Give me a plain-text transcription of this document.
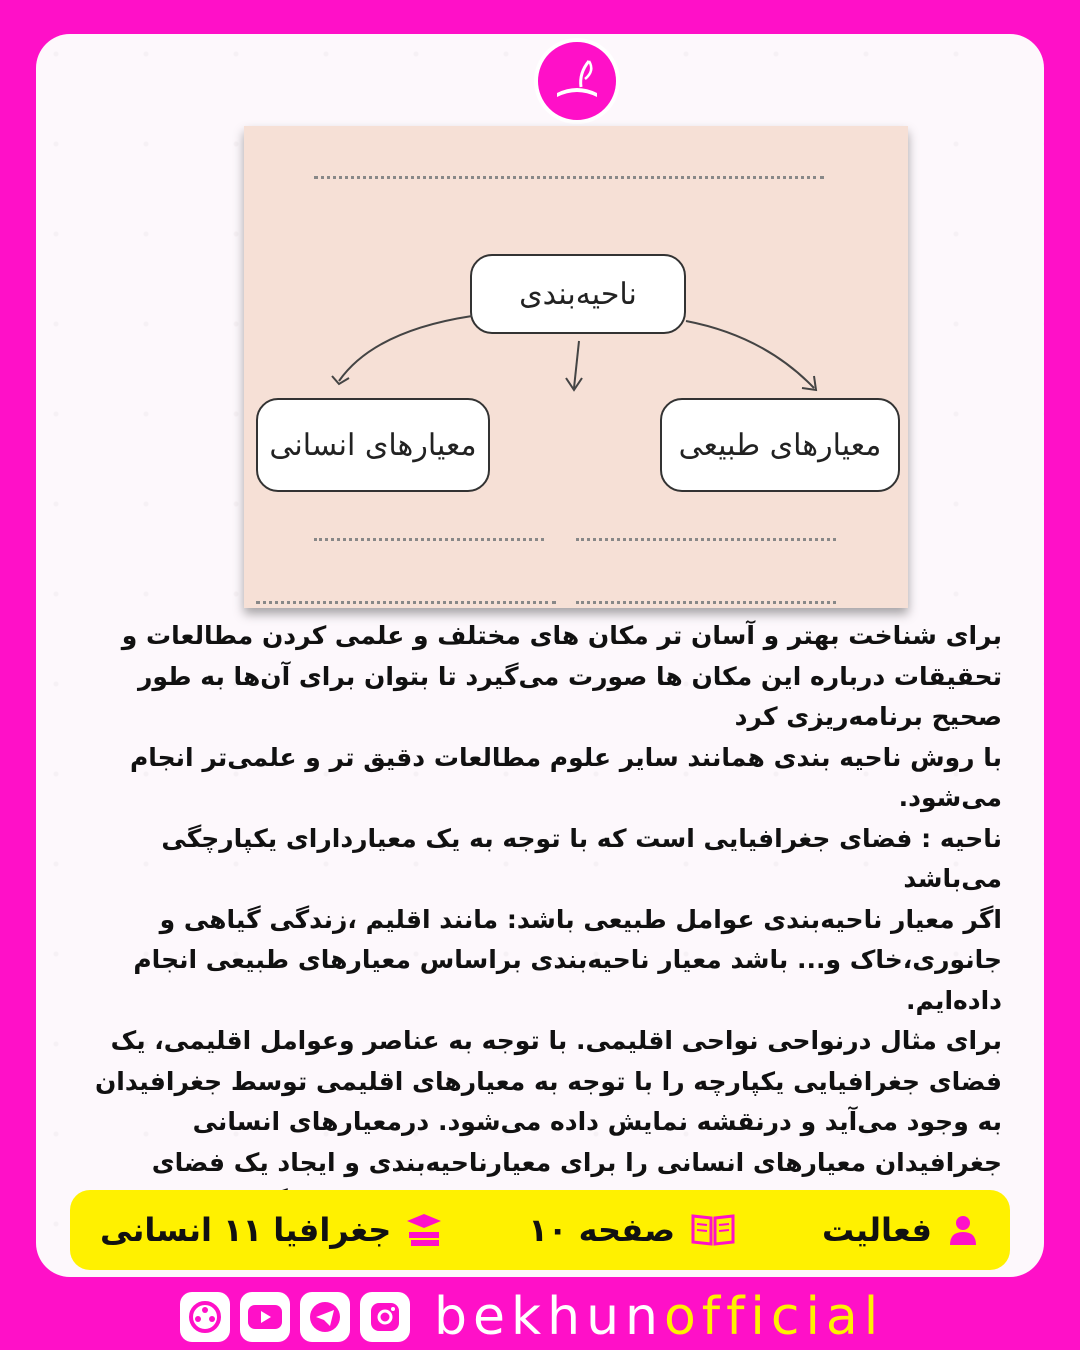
ناحیه‌بندی
معیارهای انسانی	معیارهای طبیعی

برای شناخت بهتر و آسان تر مکان های مختلف و علمی کردن مطالعات و تحقیقات درباره این مکان ها صورت می‌گیرد تا بتوان برای آن‌ها به طور صحیح برنامه‌ریزی کرد

با روش ناحیه بندی همانند سایر علوم مطالعات دقیق تر و علمی‌تر انجام می‌شود.

ناحیه : فضای جغرافیایی است که با توجه به یک معیاردارای یکپارچگی می‌باشد

اگر معیار ناحیه‌بندی عوامل طبیعی باشد: مانند اقلیم ،زندگی گیاهی و جانوری،خاک و... باشد معیار ناحیه‌بندی براساس معیارهای طبیعی انجام داده‌ایم.

برای مثال درنواحی نواحی اقلیمی. با توجه به عناصر وعوامل اقلیمی، یک فضای جغرافیایی یکپارچه را با توجه به معیارهای اقلیمی توسط جغرافیدان به وجود می‌آید و درنقشه نمایش داده می‌شود. درمعیارهای انسانی جغرافیدان معیارهای انسانی را برای معیارناحیه‌بندی و ایجاد یک فضای

فعالیت
صفحه ۱۰
جغرافیا ۱۱ انسانی
bekhunofficial
